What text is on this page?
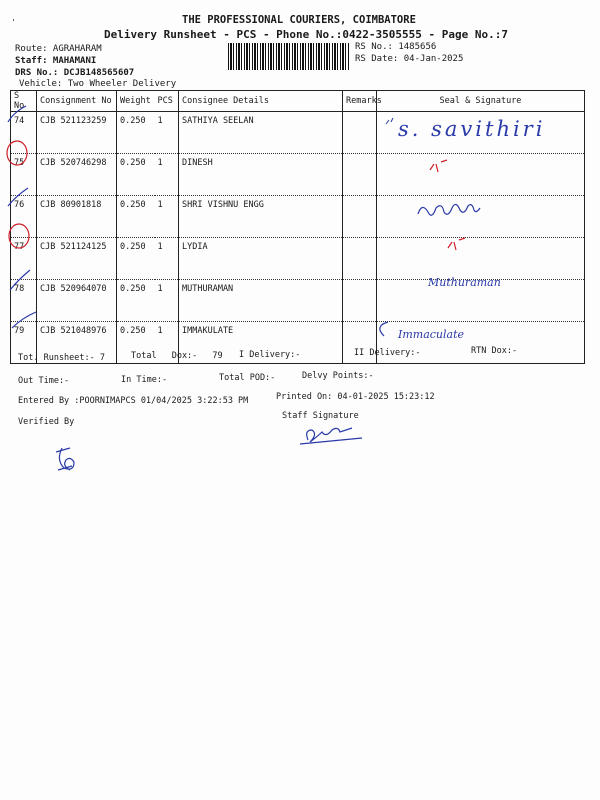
'	THE PROFESSIONAL COURIERS, COIMBATORE
Delivery Runsheet - PCS - Phone No.:0422-3505555 - Page No.:7
Route: AGRAHARAM
Staff: MAHAMANI
DRS No.: DCJB148565607
Vehicle: Two Wheeler Delivery
RS No.: 1485656
RS Date: 04-Jan-2025
S No	Consignment No	Weight	PCS	Consignee Details	Remarks	Seal & Signature
74	CJB 521123259	0.250	1	SATHIYA SEELAN		
75	CJB 520746298	0.250	1	DINESH		
76	CJB 80901818	0.250	1	SHRI VISHNU ENGG		
77	CJB 521124125	0.250	1	LYDIA		
78	CJB 520964070	0.250	1	MUTHURAMAN		
79	CJB 521048976	0.250	1	IMMAKULATE		
s. savithiri
Muthuraman
Immaculate
Tot. Runsheet:- 7	Total Dox:- 79 I Delivery:-	II Delivery:-	RTN Dox:-
Out Time:-	In Time:-	Total POD:-	Delvy Points:-
Entered By :POORNIMAPCS 01/04/2025 3:22:53 PM	Printed On: 04-01-2025 15:23:12
Staff Signature
Verified By
